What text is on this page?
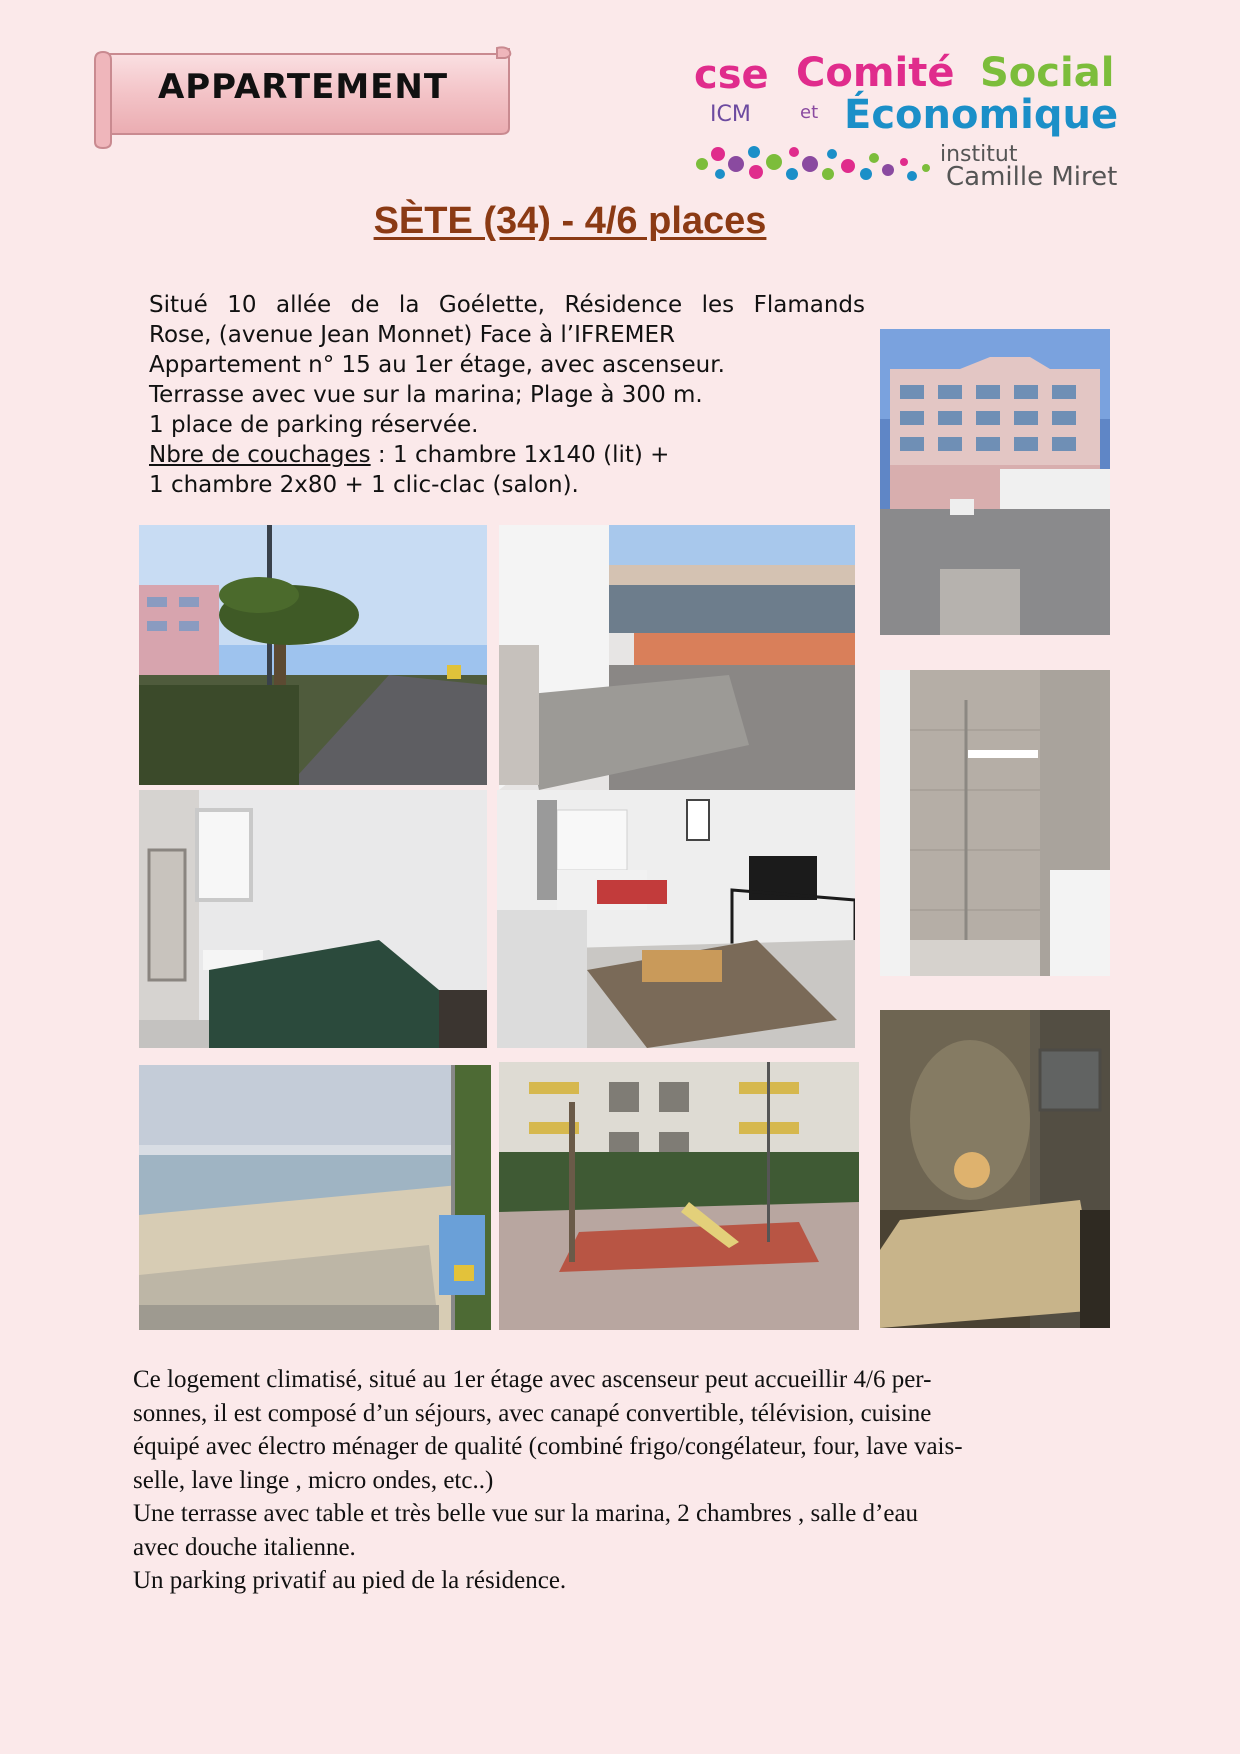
APPARTEMENT	cse
ICM
Comité Social
et Économique
institut
Camille Miret
SÈTE (34) - 4/6 places
Situé 10 allée de la Goélette, Résidence les Flamands
Rose, (avenue Jean Monnet) Face à l’IFREMER
Appartement n° 15 au 1er étage, avec ascenseur.
Terrasse avec vue sur la marina; Plage à 300 m.
1 place de parking réservée.
Nbre de couchages : 1 chambre 1x140 (lit) +
1 chambre 2x80 + 1 clic-clac (salon).
Ce logement climatisé, situé au 1er étage avec ascenseur peut accueillir 4/6 per-
sonnes, il est composé d’un séjours, avec canapé convertible, télévision, cuisine
équipé avec électro ménager de qualité (combiné frigo/congélateur, four, lave vais-
selle, lave linge , micro ondes, etc..)
Une terrasse avec table et très belle vue sur la marina, 2 chambres , salle d’eau
avec douche italienne.
Un parking privatif au pied de la résidence.
